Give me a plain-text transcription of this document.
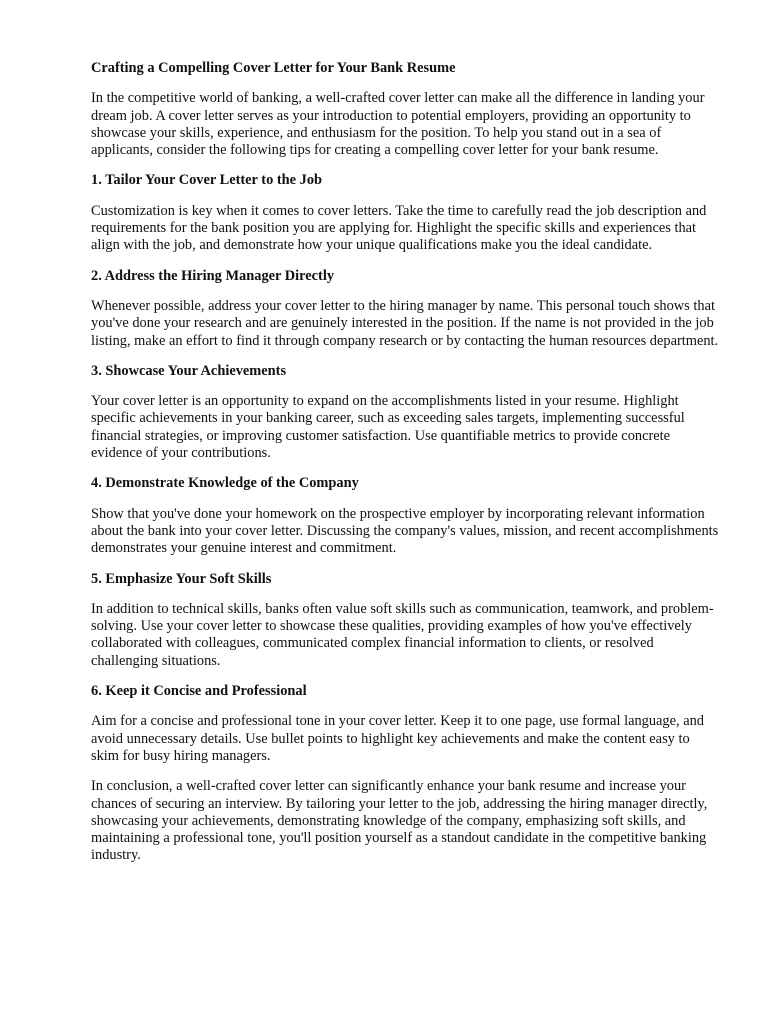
Crafting a Compelling Cover Letter for Your Bank Resume
In the competitive world of banking, a well-crafted cover letter can make all the difference in landing your dream job. A cover letter serves as your introduction to potential employers, providing an opportunity to showcase your skills, experience, and enthusiasm for the position. To help you stand out in a sea of applicants, consider the following tips for creating a compelling cover letter for your bank resume.
1. Tailor Your Cover Letter to the Job
Customization is key when it comes to cover letters. Take the time to carefully read the job description and requirements for the bank position you are applying for. Highlight the specific skills and experiences that align with the job, and demonstrate how your unique qualifications make you the ideal candidate.
2. Address the Hiring Manager Directly
Whenever possible, address your cover letter to the hiring manager by name. This personal touch shows that you've done your research and are genuinely interested in the position. If the name is not provided in the job listing, make an effort to find it through company research or by contacting the human resources department.
3. Showcase Your Achievements
Your cover letter is an opportunity to expand on the accomplishments listed in your resume. Highlight specific achievements in your banking career, such as exceeding sales targets, implementing successful financial strategies, or improving customer satisfaction. Use quantifiable metrics to provide concrete evidence of your contributions.
4. Demonstrate Knowledge of the Company
Show that you've done your homework on the prospective employer by incorporating relevant information about the bank into your cover letter. Discussing the company's values, mission, and recent accomplishments demonstrates your genuine interest and commitment.
5. Emphasize Your Soft Skills
In addition to technical skills, banks often value soft skills such as communication, teamwork, and problem-solving. Use your cover letter to showcase these qualities, providing examples of how you've effectively collaborated with colleagues, communicated complex financial information to clients, or resolved challenging situations.
6. Keep it Concise and Professional
Aim for a concise and professional tone in your cover letter. Keep it to one page, use formal language, and avoid unnecessary details. Use bullet points to highlight key achievements and make the content easy to skim for busy hiring managers.
In conclusion, a well-crafted cover letter can significantly enhance your bank resume and increase your chances of securing an interview. By tailoring your letter to the job, addressing the hiring manager directly, showcasing your achievements, demonstrating knowledge of the company, emphasizing soft skills, and maintaining a professional tone, you'll position yourself as a standout candidate in the competitive banking industry.
